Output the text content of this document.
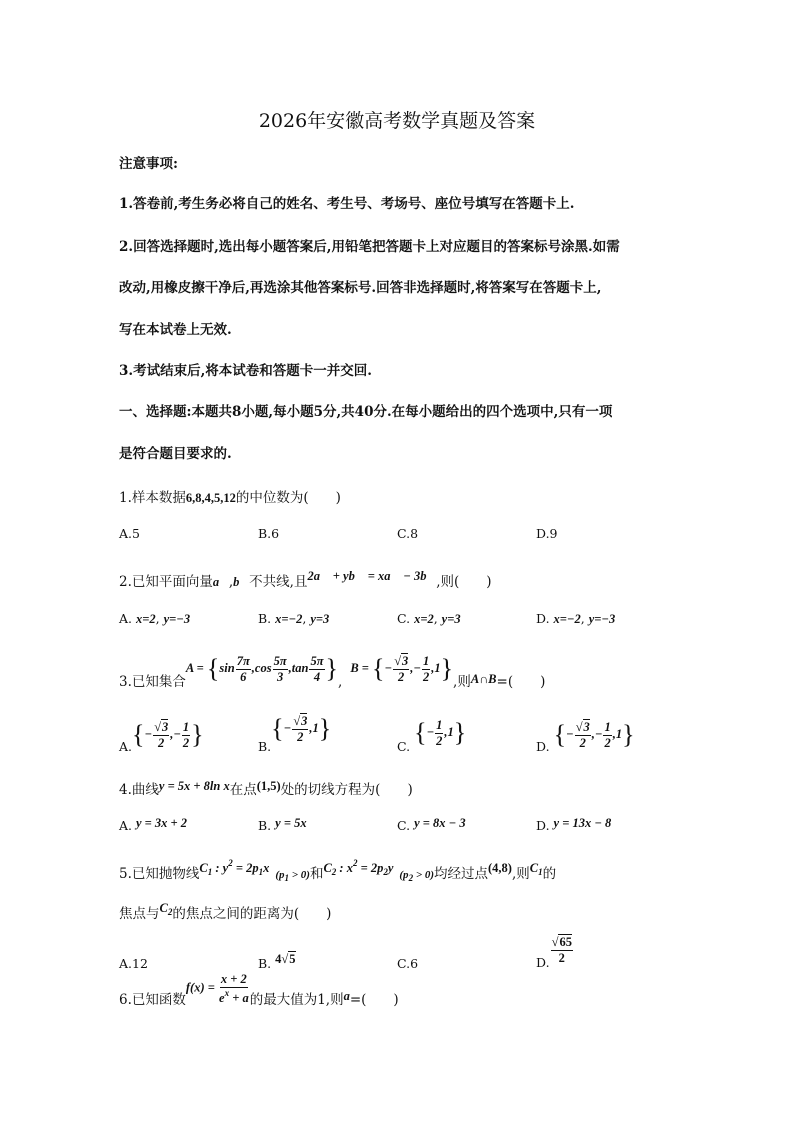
2026年安徽高考数学真题及答案
注意事项:
1.答卷前,考生务必将自己的姓名、考生号、考场号、座位号填写在答题卡上.
2.回答选择题时,选出每小题答案后,用铅笔把答题卡上对应题目的答案标号涂黑.如需
改动,用橡皮擦干净后,再选涂其他答案标号.回答非选择题时,将答案写在答题卡上,
写在本试卷上无效.
3.考试结束后,将本试卷和答题卡一并交回.
一、选择题:本题共8小题,每小题5分,共40分.在每小题给出的四个选项中,只有一项
是符合题目要求的.
1.样本数据6,8,4,5,12的中位数为(　　)
A.5	B.6	C.8	D.9
2.已知平面向量a⃗,b⃗不共线,且2a⃗ + yb⃗ = xa⃗ − 3b⃗,则(　　)
A. x=2, y=−3	B. x=−2, y=3	C. x=2, y=3	D. x=−2, y=−3
3.已知集合
$A = \{\sin \frac{7\pi}{6} ,\cos \frac{5\pi}{3} ,\tan \frac{5\pi}{4}$ } ,
B = {− $\frac{√3}{2}$ ,− $\frac{1}{2} ,1$} ,则 A∩B =(　　)
A. {− $\frac{√3}{2}$ ,− $\frac{1}{2}$ }	B.
{− $\frac{√3}{2} ,1$}
C. {− $\frac{1}{2} ,1$}	D. {− $\frac{√3}{2}$ ,− $\frac{1}{2} ,1$}
4.曲线y = 5x + 8ln x在点(1,5)处的切线方程为(　　)
A. y = 3x + 2	B. y = 5x	C. y = 8x − 3	D. y = 13x − 8
5.已知抛物线$C_1$ : $y^2 = 2p_1x$ $(p_1 > 0)$和$C_2$ : $x^2 = 2p_2y$ $(p_2 > 0)$均经过点(4,8),则$C_1$的
焦点与$C_2$的焦点之间的距离为(　　)
A.12	B. 4√5	C.6	D. $\frac{√65}{2}$
6.已知函数
$f(x) = \frac{x + 2}{e^x + a}$ 的最大值为1,则 a =(　　)
